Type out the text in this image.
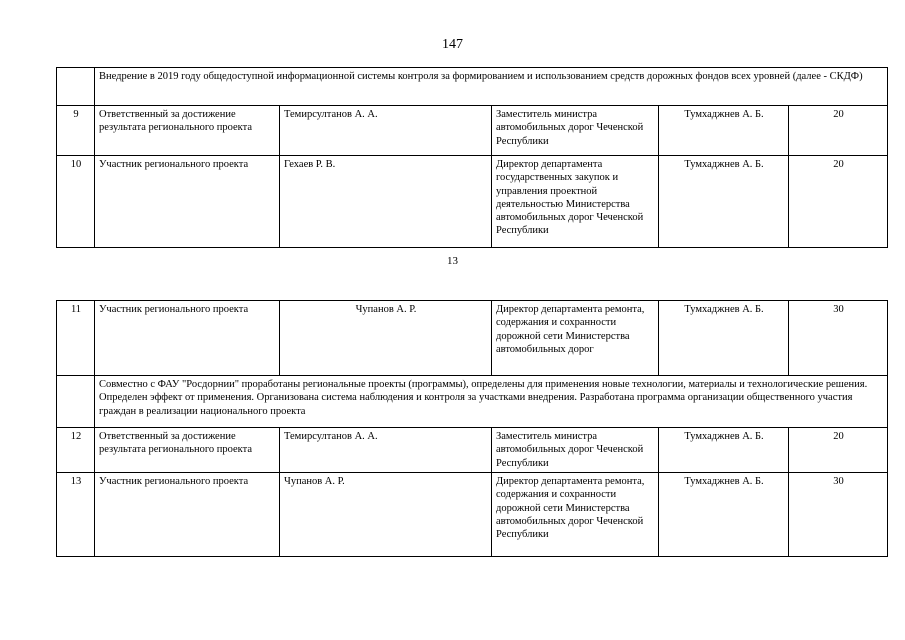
147
	Внедрение в 2019 году общедоступной информационной системы контроля за формированием и использованием средств дорожных фондов всех уровней (далее - СКДФ)				
9	Ответственный за достижение результата регионального проекта	Темирсултанов А. А.	Заместитель министра автомобильных дорог Чеченской Республики	Тумхаджнев А. Б.	20
10	Участник регионального проекта	Гехаев Р. В.	Директор департамента государственных закупок и управления проектной деятельностью Министерства автомобильных дорог Чеченской Республики	Тумхаджнев А. Б.	20
13
11	Участник регионального проекта	Чупанов А. Р.	Директор департамента ремонта, содержания и сохранности дорожной сети Министерства автомобильных дорог	Тумхаджнев А. Б.	30
	Совместно с ФАУ "Росдорнии" проработаны региональные проекты (программы), определены для применения новые технологии, материалы и технологические решения. Определен эффект от применения. Организована система наблюдения и контроля за участками внедрения. Разработана программа организации общественного участия граждан в реализации национального проекта				
12	Ответственный за достижение результата регионального проекта	Темирсултанов А. А.	Заместитель министра автомобильных дорог Чеченской Республики	Тумхаджнев А. Б.	20
13	Участник регионального проекта	Чупанов А. Р.	Директор департамента ремонта, содержания и сохранности дорожной сети Министерства автомобильных дорог Чеченской Республики	Тумхаджнев А. Б.	30
